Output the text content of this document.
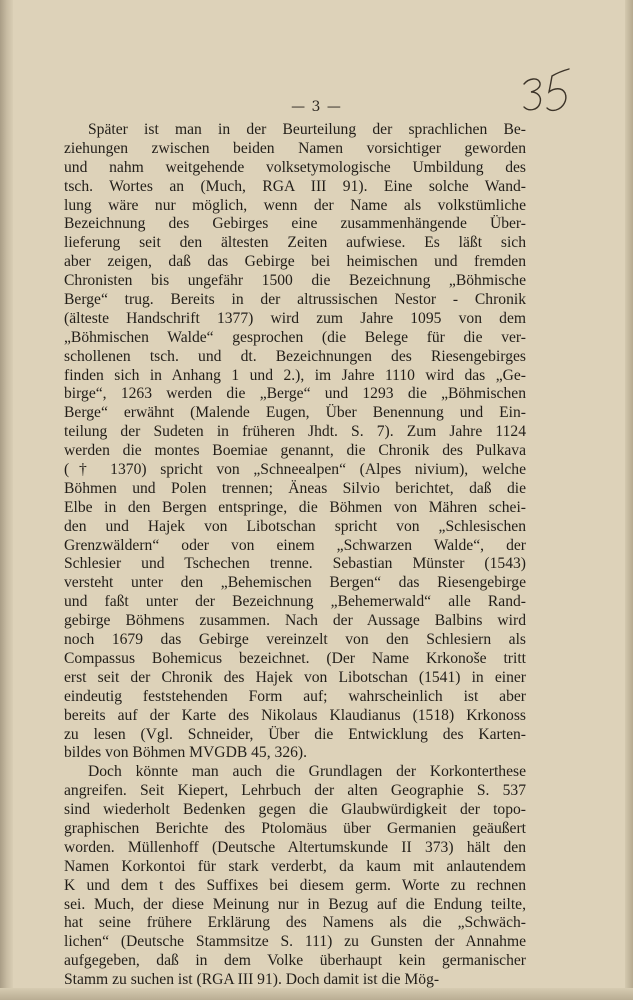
— 3 —
Später ist man in der Beurteilung der sprachlichen Be-
ziehungen zwischen beiden Namen vorsichtiger geworden
und nahm weitgehende volksetymologische Umbildung des
tsch. Wortes an (Much, RGA III 91). Eine solche Wand-
lung wäre nur möglich, wenn der Name als volkstümliche
Bezeichnung des Gebirges eine zusammenhängende Über-
lieferung seit den ältesten Zeiten aufwiese. Es läßt sich
aber zeigen, daß das Gebirge bei heimischen und fremden
Chronisten bis ungefähr 1500 die Bezeichnung „Böhmische
Berge“ trug. Bereits in der altrussischen Nestor - Chronik
(älteste Handschrift 1377) wird zum Jahre 1095 von dem
„Böhmischen Walde“ gesprochen (die Belege für die ver-
schollenen tsch. und dt. Bezeichnungen des Riesengebirges
finden sich in Anhang 1 und 2.), im Jahre 1110 wird das „Ge-
birge“, 1263 werden die „Berge“ und 1293 die „Böhmischen
Berge“ erwähnt (Malende Eugen, Über Benennung und Ein-
teilung der Sudeten in früheren Jhdt. S. 7). Zum Jahre 1124
werden die montes Boemiae genannt, die Chronik des Pulkava
(† 1370) spricht von „Schneealpen“ (Alpes nivium), welche
Böhmen und Polen trennen; Äneas Silvio berichtet, daß die
Elbe in den Bergen entspringe, die Böhmen von Mähren schei-
den und Hajek von Libotschan spricht von „Schlesischen
Grenzwäldern“ oder von einem „Schwarzen Walde“, der
Schlesier und Tschechen trenne. Sebastian Münster (1543)
versteht unter den „Behemischen Bergen“ das Riesengebirge
und faßt unter der Bezeichnung „Behemerwald“ alle Rand-
gebirge Böhmens zusammen. Nach der Aussage Balbins wird
noch 1679 das Gebirge vereinzelt von den Schlesiern als
Compassus Bohemicus bezeichnet. (Der Name Krkonoše tritt
erst seit der Chronik des Hajek von Libotschan (1541) in einer
eindeutig feststehenden Form auf; wahrscheinlich ist aber
bereits auf der Karte des Nikolaus Klaudianus (1518) Krkonoss
zu lesen (Vgl. Schneider, Über die Entwicklung des Karten-
bildes von Böhmen MVGDB 45, 326).
Doch könnte man auch die Grundlagen der Korkonterthese
angreifen. Seit Kiepert, Lehrbuch der alten Geographie S. 537
sind wiederholt Bedenken gegen die Glaubwürdigkeit der topo-
graphischen Berichte des Ptolomäus über Germanien geäußert
worden. Müllenhoff (Deutsche Altertumskunde II 373) hält den
Namen Korkontoi für stark verderbt, da kaum mit anlautendem
K und dem t des Suffixes bei diesem germ. Worte zu rechnen
sei. Much, der diese Meinung nur in Bezug auf die Endung teilte,
hat seine frühere Erklärung des Namens als die „Schwäch-
lichen“ (Deutsche Stammsitze S. 111) zu Gunsten der Annahme
aufgegeben, daß in dem Volke überhaupt kein germanischer
Stamm zu suchen ist (RGA III 91). Doch damit ist die Mög-
